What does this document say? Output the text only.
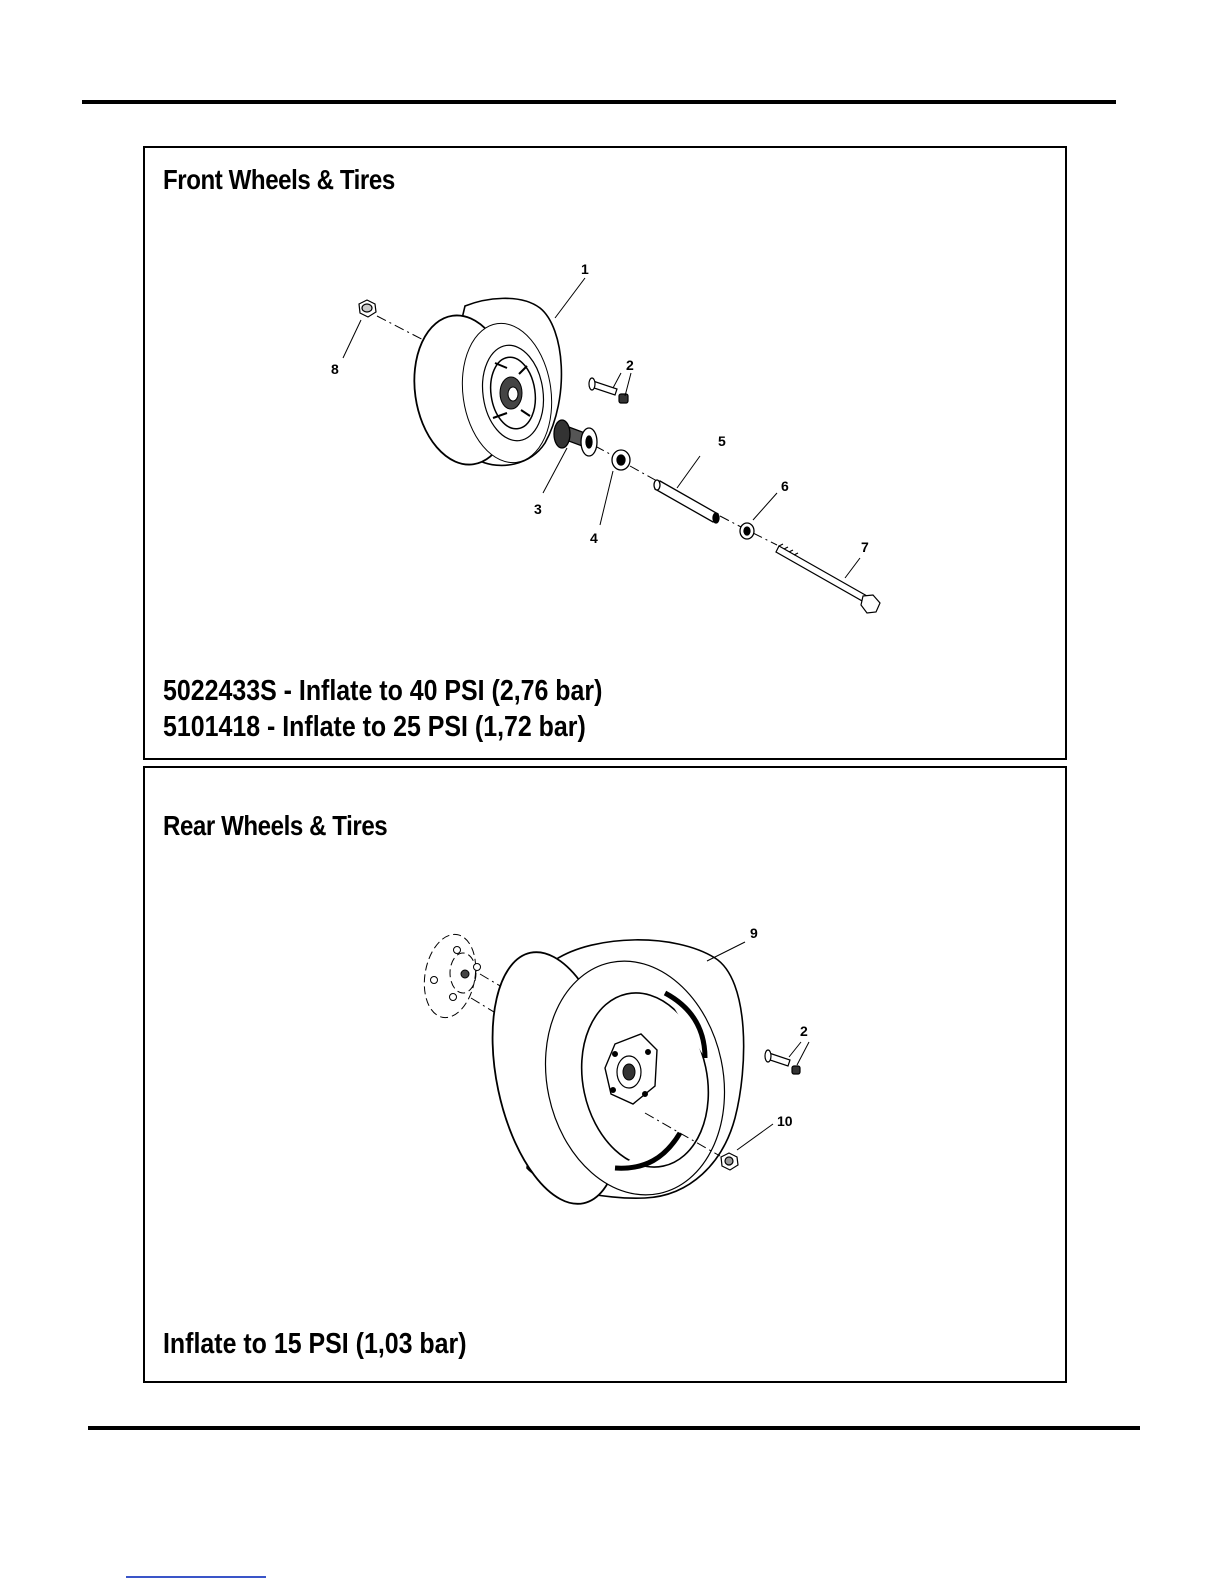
Front Wheels & Tires
1
2
3
4
5
6
7
8
5022433S - Inflate to 40 PSI (2,76 bar)
5101418 - Inflate to 25 PSI (1,72 bar)
Rear Wheels & Tires
9
2
10
Inflate to 15 PSI (1,03 bar)
